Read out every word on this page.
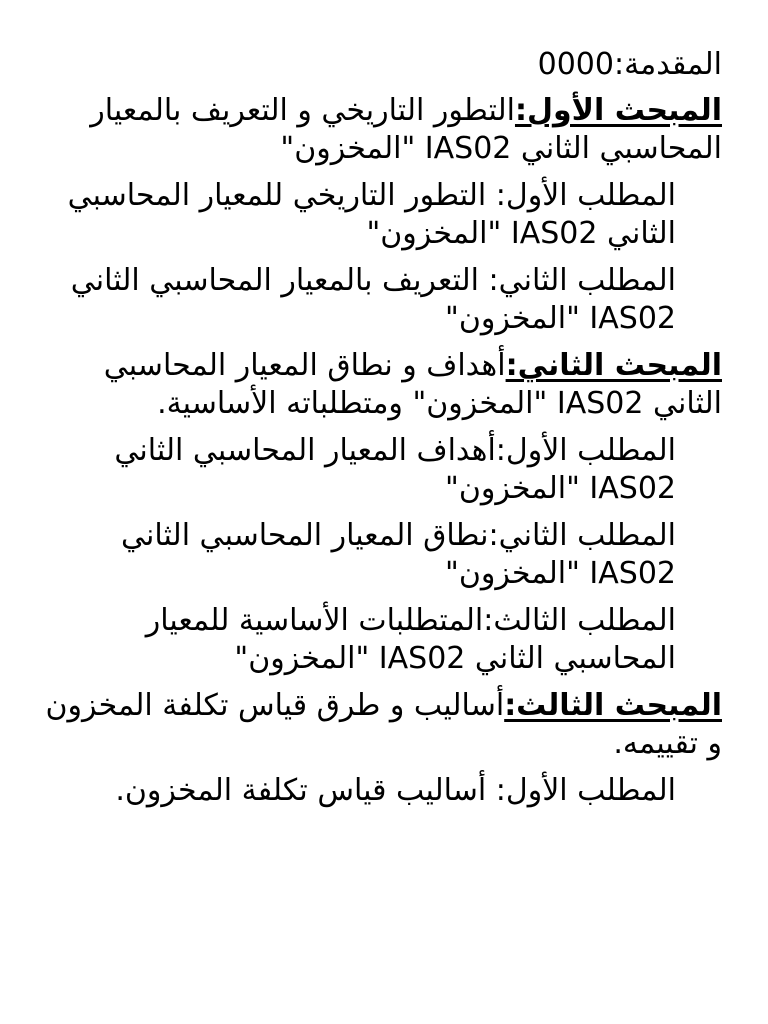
المقدمة:0000

المبحث الأول:التطور التاريخي و التعريف بالمعيار المحاسبي الثاني IAS02 "المخزون"

المطلب الأول: التطور التاريخي للمعيار المحاسبي الثاني IAS02 "المخزون"

المطلب الثاني: التعريف بالمعيار المحاسبي الثاني IAS02 "المخزون"

المبحث الثاني:أهداف و نطاق المعيار المحاسبي الثاني IAS02 "المخزون" ومتطلباته الأساسية.

المطلب الأول:أهداف المعيار المحاسبي الثاني IAS02 "المخزون"

المطلب الثاني:نطاق المعيار المحاسبي الثاني IAS02 "المخزون"

المطلب الثالث:المتطلبات الأساسية للمعيار المحاسبي الثاني IAS02 "المخزون"

المبحث الثالث:أساليب و طرق قياس تكلفة المخزون و تقييمه.

المطلب الأول: أساليب قياس تكلفة المخزون.
